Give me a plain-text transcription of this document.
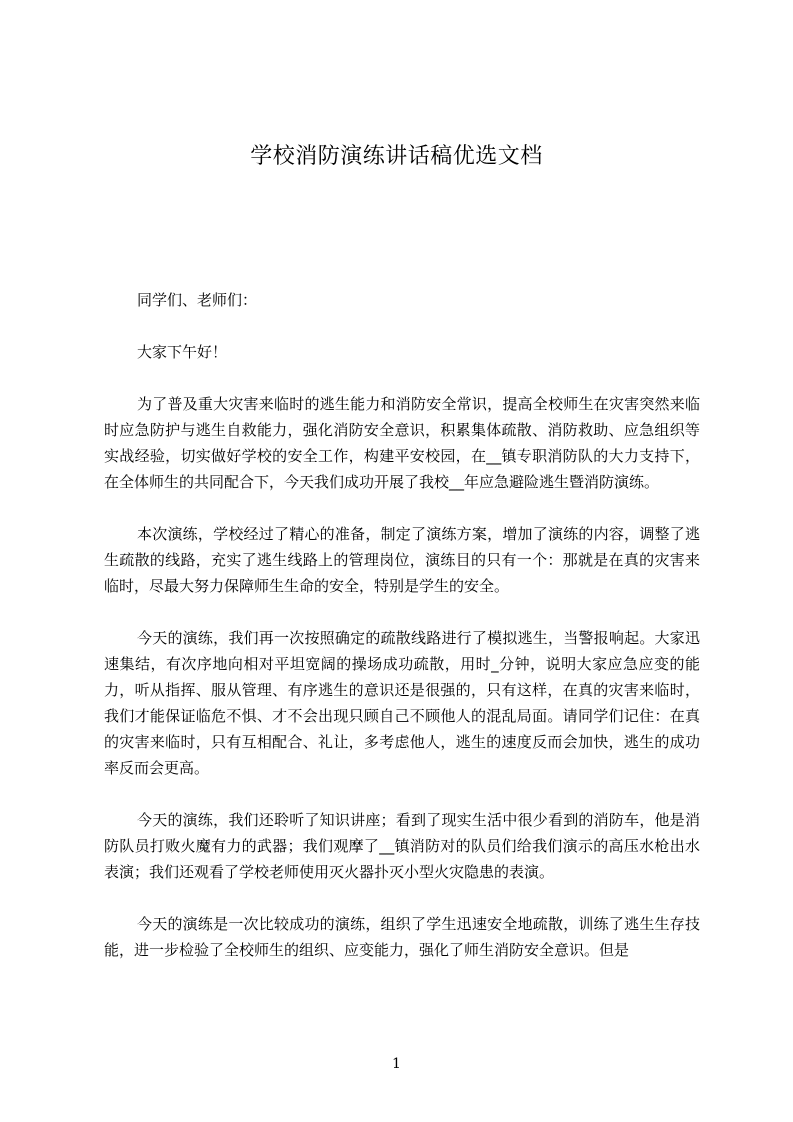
学校消防演练讲话稿优选文档

同学们、老师们：

大家下午好！

为了普及重大灾害来临时的逃生能力和消防安全常识，提高全校师生在灾害突然来临时应急防护与逃生自救能力，强化消防安全意识，积累集体疏散、消防救助、应急组织等实战经验，切实做好学校的安全工作，构建平安校园，在__镇专职消防队的大力支持下，在全体师生的共同配合下，今天我们成功开展了我校__年应急避险逃生暨消防演练。

本次演练，学校经过了精心的准备，制定了演练方案，增加了演练的内容，调整了逃生疏散的线路，充实了逃生线路上的管理岗位，演练目的只有一个：那就是在真的灾害来临时，尽最大努力保障师生生命的安全，特别是学生的安全。

今天的演练，我们再一次按照确定的疏散线路进行了模拟逃生，当警报响起。大家迅速集结，有次序地向相对平坦宽阔的操场成功疏散，用时_分钟，说明大家应急应变的能力，听从指挥、服从管理、有序逃生的意识还是很强的，只有这样，在真的灾害来临时，我们才能保证临危不惧、才不会出现只顾自己不顾他人的混乱局面。请同学们记住：在真的灾害来临时，只有互相配合、礼让，多考虑他人，逃生的速度反而会加快，逃生的成功率反而会更高。

今天的演练，我们还聆听了知识讲座；看到了现实生活中很少看到的消防车，他是消防队员打败火魔有力的武器；我们观摩了__镇消防对的队员们给我们演示的高压水枪出水表演；我们还观看了学校老师使用灭火器扑灭小型火灾隐患的表演。

今天的演练是一次比较成功的演练，组织了学生迅速安全地疏散，训练了逃生生存技能，进一步检验了全校师生的组织、应变能力，强化了师生消防安全意识。但是

1
